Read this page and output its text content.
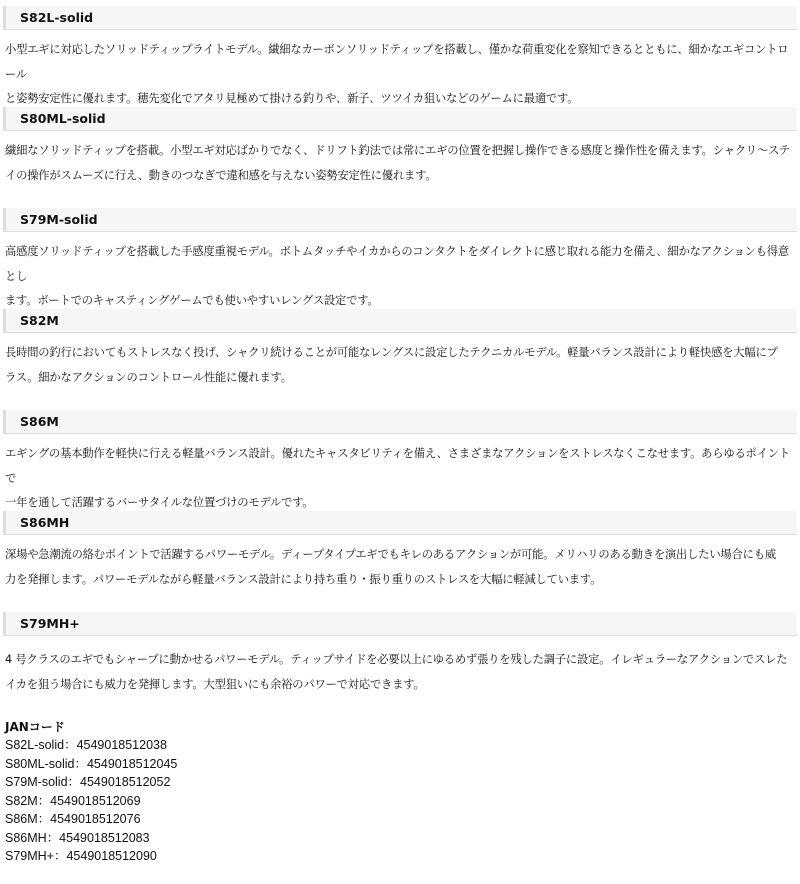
S82L-solid
小型エギに対応したソリッドティップライトモデル。繊細なカーボンソリッドティップを搭載し、僅かな荷重変化を察知できるとともに、細かなエギコントロール
と姿勢安定性に優れます。穂先変化でアタリ見極めて掛ける釣りや、新子、ツツイカ狙いなどのゲームに最適です。
S80ML-solid
繊細なソリッドティップを搭載。小型エギ対応ばかりでなく、ドリフト釣法では常にエギの位置を把握し操作できる感度と操作性を備えます。シャクリ～ステ
イの操作がスムーズに行え、動きのつなぎで違和感を与えない姿勢安定性に優れます。
S79M-solid
高感度ソリッドティップを搭載した手感度重視モデル。ボトムタッチやイカからのコンタクトをダイレクトに感じ取れる能力を備え、細かなアクションも得意とし
ます。ボートでのキャスティングゲームでも使いやすいレングス設定です。
S82M
長時間の釣行においてもストレスなく投げ、シャクリ続けることが可能なレングスに設定したテクニカルモデル。軽量バランス設計により軽快感を大幅にプ
ラス。細かなアクションのコントロール性能に優れます。
S86M
エギングの基本動作を軽快に行える軽量バランス設計。優れたキャスタビリティを備え、さまざまなアクションをストレスなくこなせます。あらゆるポイントで
一年を通して活躍するバーサタイルな位置づけのモデルです。
S86MH
深場や急潮流の絡むポイントで活躍するパワーモデル。ディープタイプエギでもキレのあるアクションが可能。メリハリのある動きを演出したい場合にも威
力を発揮します。パワーモデルながら軽量バランス設計により持ち重り・振り重りのストレスを大幅に軽減しています。
S79MH+
4 号クラスのエギでもシャープに動かせるパワーモデル。ティップサイドを必要以上にゆるめず張りを残した調子に設定。イレギュラーなアクションでスレた
イカを狙う場合にも威力を発揮します。大型狙いにも余裕のパワーで対応できます。
JANコード
S82L-solid：4549018512038
S80ML-solid：4549018512045
S79M-solid：4549018512052
S82M：4549018512069
S86M：4549018512076
S86MH：4549018512083
S79MH+：4549018512090
